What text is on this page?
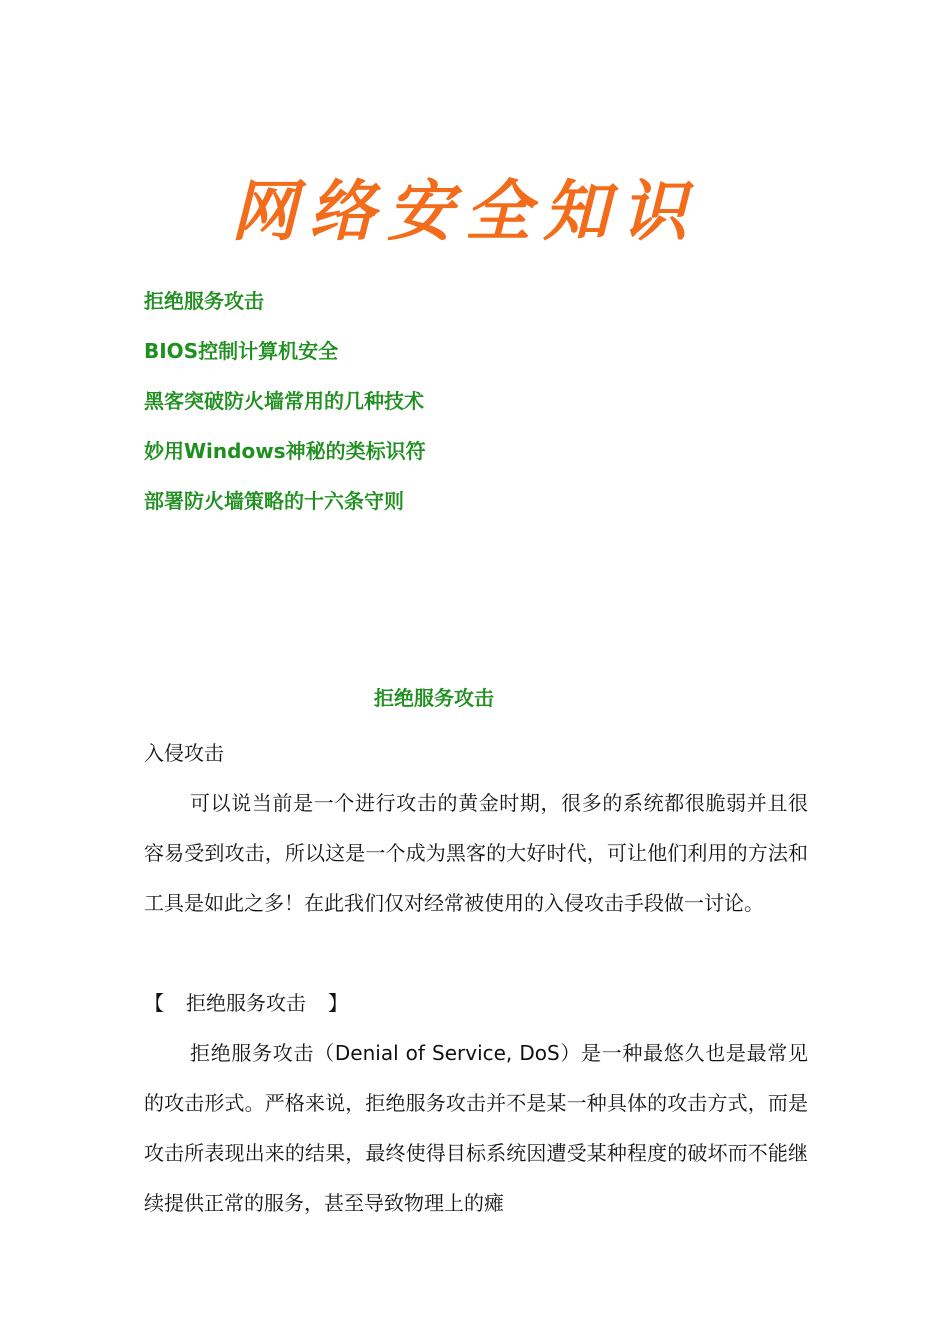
网络安全知识
拒绝服务攻击
BIOS控制计算机安全
黑客突破防火墙常用的几种技术
妙用Windows神秘的类标识符
部署防火墙策略的十六条守则
拒绝服务攻击

入侵攻击

可以说当前是一个进行攻击的黄金时期，很多的系统都很脆弱并且很容易受到攻击，所以这是一个成为黑客的大好时代，可让他们利用的方法和工具是如此之多！在此我们仅对经常被使用的入侵攻击手段做一讨论。

【 拒绝服务攻击 】

拒绝服务攻击（Denial of Service, DoS）是一种最悠久也是最常见的攻击形式。严格来说，拒绝服务攻击并不是某一种具体的攻击方式，而是攻击所表现出来的结果，最终使得目标系统因遭受某种程度的破坏而不能继续提供正常的服务，甚至导致物理上的瘫
